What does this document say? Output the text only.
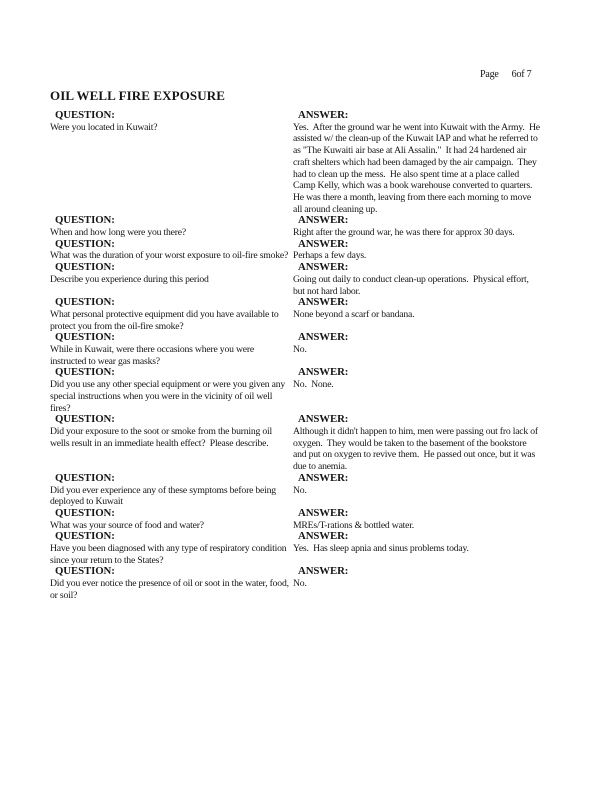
Page 6of 7
OIL WELL FIRE EXPOSURE
QUESTION:
Were you located in Kuwait?
ANSWER:
Yes.  After the ground war he went into Kuwait with the Army.  He assisted w/ the clean-up of the Kuwait IAP and what he referred to as "The Kuwaiti air base at Ali Assalin."  It had 24 hardened air craft shelters which had been damaged by the air campaign.  They had to clean up the mess.  He also spent time at a place called Camp Kelly, which was a book warehouse converted to quarters.  He was there a month, leaving from there each morning to move all around cleaning up.
QUESTION:
When and how long were you there?
ANSWER:
Right after the ground war, he was there for approx 30 days.
QUESTION:
What was the duration of your worst exposure to oil-fire smoke?
ANSWER:
Perhaps a few days.
QUESTION:
Describe you experience during this period
ANSWER:
Going out daily to conduct clean-up operations.  Physical effort, but not hard labor.
QUESTION:
What personal protective equipment did you have available to protect you from the oil-fire smoke?
ANSWER:
None beyond a scarf or bandana.
QUESTION:
While in Kuwait, were there occasions where you were instructed to wear gas masks?
ANSWER:
No.
QUESTION:
Did you use any other special equipment or were you given any special instructions when you were in the vicinity of oil well fires?
ANSWER:
No.  None.
QUESTION:
Did your exposure to the soot or smoke from the burning oil wells result in an immediate health effect?  Please describe.
ANSWER:
Although it didn't happen to him, men were passing out fro lack of oxygen.  They would be taken to the basement of the bookstore and put on oxygen to revive them.  He passed out once, but it was due to anemia.
QUESTION:
Did you ever experience any of these symptoms before being deployed to Kuwait
ANSWER:
No.
QUESTION:
What was your source of food and water?
ANSWER:
MREs/T-rations & bottled water.
QUESTION:
Have you been diagnosed with any type of respiratory condition since your return to the States?
ANSWER:
Yes.  Has sleep apnia and sinus problems today.
QUESTION:
Did you ever notice the presence of oil or soot in the water, food, or soil?
ANSWER:
No.
